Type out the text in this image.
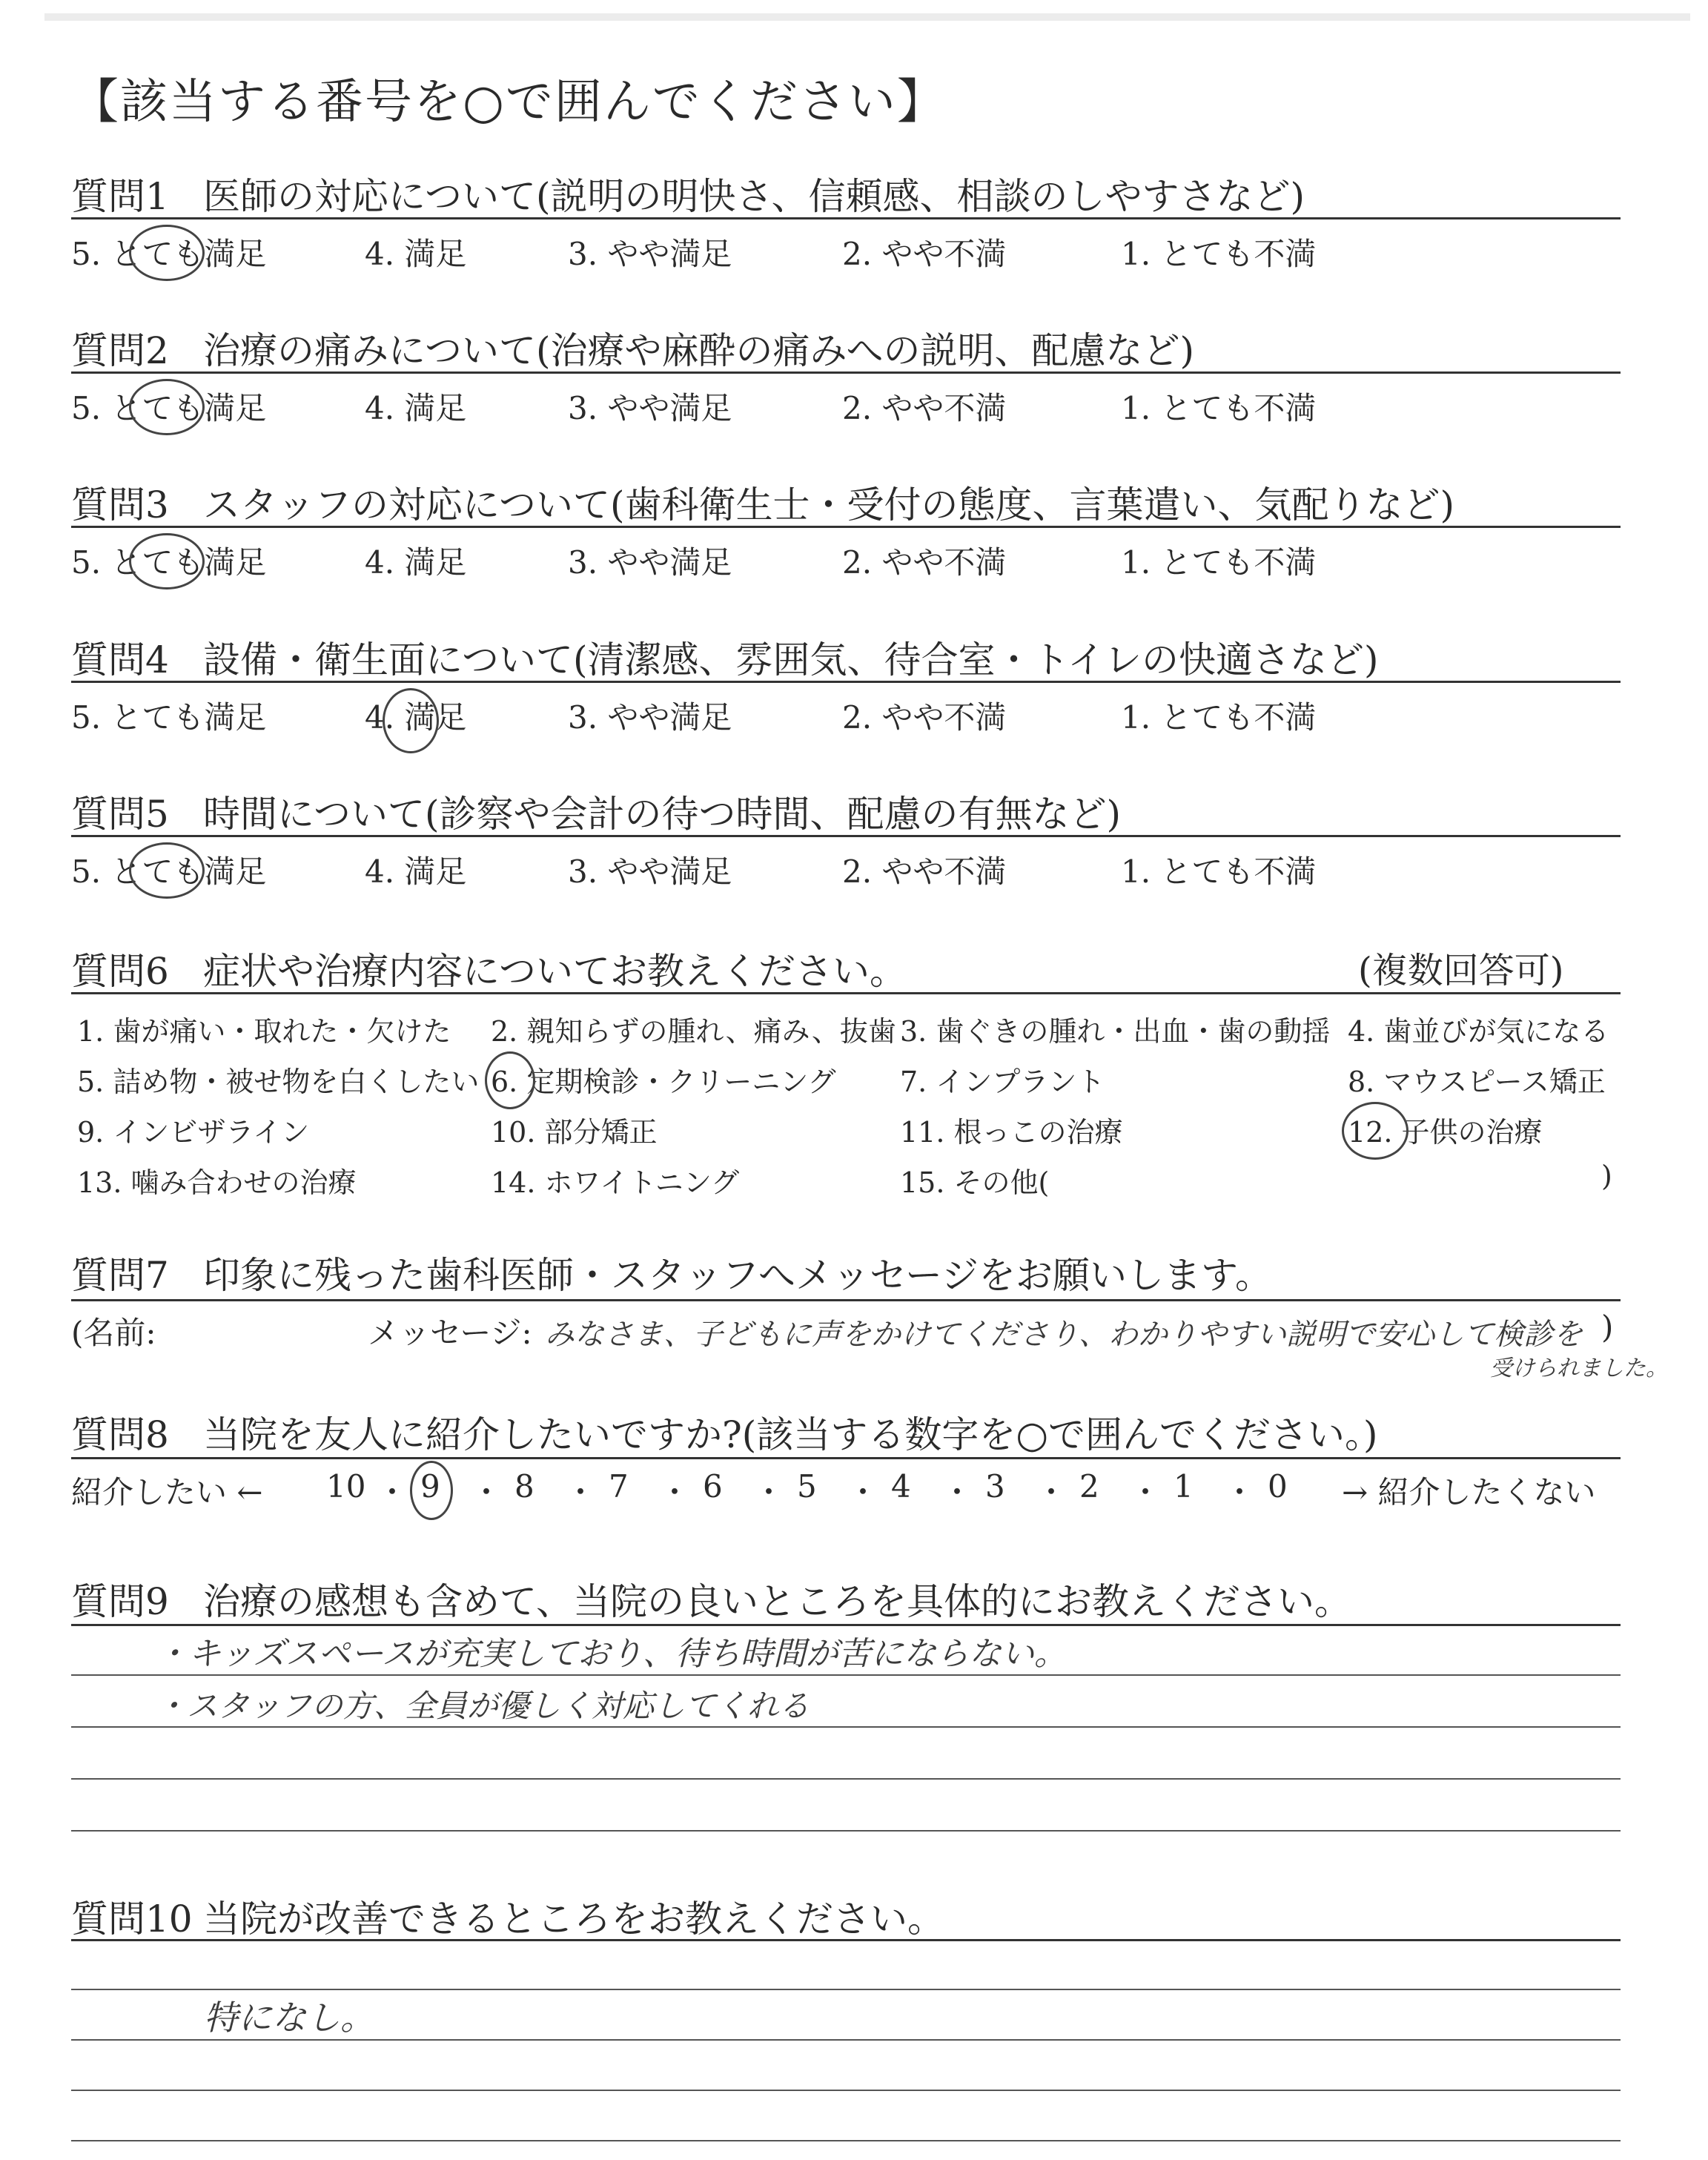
【該当する番号を○で囲んでください】
質問1 医師の対応について(説明の明快さ、信頼感、相談のしやすさなど)
5. とても満足	4. 満足	3. やや満足	2. やや不満	1. とても不満
質問2 治療の痛みについて(治療や麻酔の痛みへの説明、配慮など)
5. とても満足	4. 満足	3. やや満足	2. やや不満	1. とても不満
質問3 スタッフの対応について(歯科衛生士・受付の態度、言葉遣い、気配りなど)
5. とても満足	4. 満足	3. やや満足	2. やや不満	1. とても不満
質問4 設備・衛生面について(清潔感、雰囲気、待合室・トイレの快適さなど)
5. とても満足	4. 満足	3. やや満足	2. やや不満	1. とても不満
質問5 時間について(診察や会計の待つ時間、配慮の有無など)
5. とても満足	4. 満足	3. やや満足	2. やや不満	1. とても不満
質問6 症状や治療内容についてお教えください。	(複数回答可)
1. 歯が痛い・取れた・欠けた 2. 親知らずの腫れ、痛み、抜歯 3. 歯ぐきの腫れ・出血・歯の動揺 4. 歯並びが気になる
5. 詰め物・被せ物を白くしたい 6. 定期検診・クリーニング 7. インプラント	8. マウスピース矯正
9. インビザライン	10. 部分矯正	11. 根っこの治療	12. 子供の治療
13. 噛み合わせの治療	14. ホワイトニング	15. その他(	)
質問7 印象に残った歯科医師・スタッフへメッセージをお願いします。
(名前:	メッセージ:	)
みなさま、子どもに声をかけてくださり、わかりやすい説明で安心して検診を
受けられました。
質問8 当院を友人に紹介したいですか?(該当する数字を○で囲んでください。)
紹介したい ←	→ 紹介したくない
10 ・ 9 ・ 8 ・ 7 ・ 6 ・ 5 ・ 4 ・ 3 ・ 2 ・ 1 ・ 0
質問9 治療の感想も含めて、当院の良いところを具体的にお教えください。
・キッズスペースが充実しており、待ち時間が苦にならない。
・スタッフの方、全員が優しく対応してくれる
質問10 当院が改善できるところをお教えください。
特になし。
